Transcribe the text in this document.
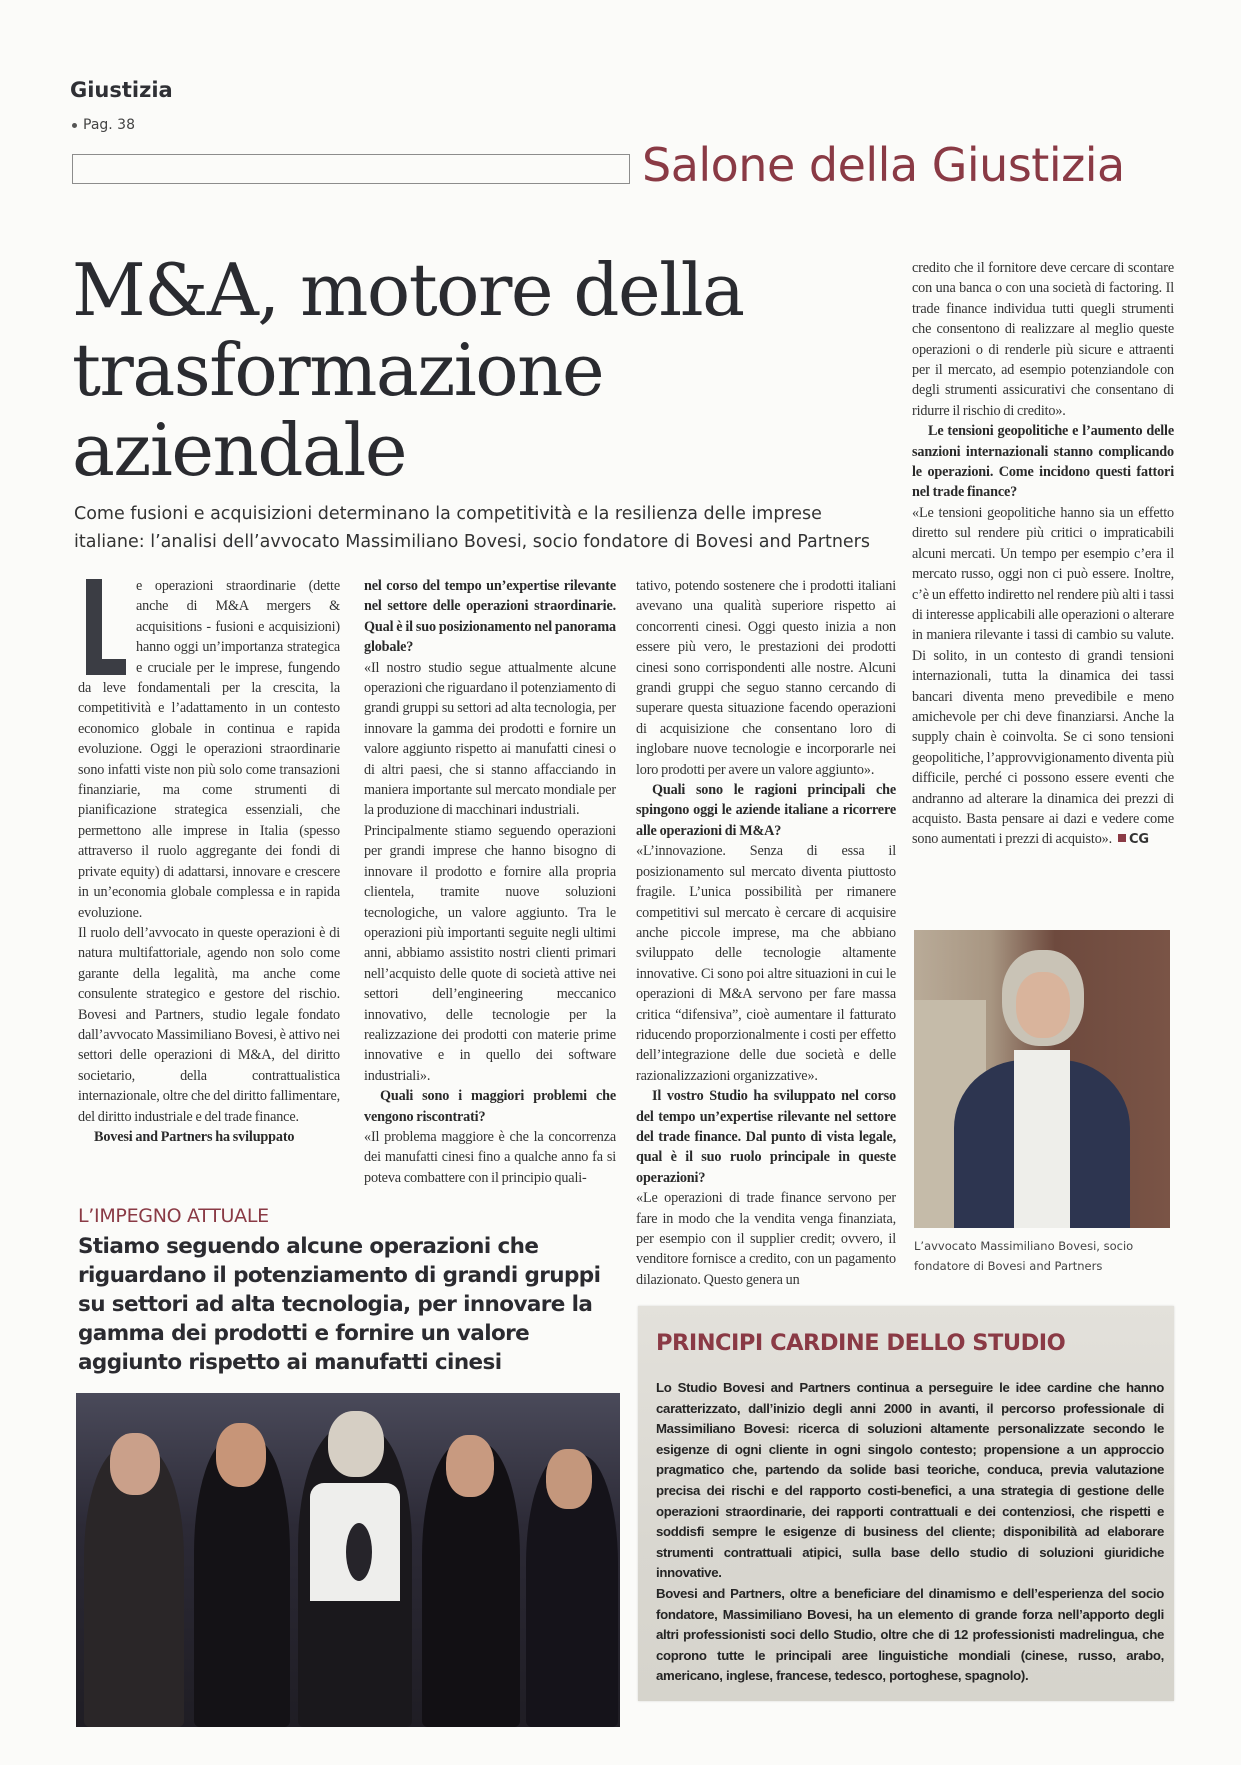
Giustizia
Pag. 38
Salone della Giustizia
M&A, motore della trasformazione aziendale
Come fusioni e acquisizioni determinano la competitività e la resilienza delle imprese italiane: l’analisi dell’avvocato Massimiliano Bovesi, socio fondatore di Bovesi and Partners

e operazioni straordinarie (dette anche di M&A mergers & acquisitions - fusioni e acquisizioni) hanno oggi un’importanza strategica e cruciale per le imprese, fungendo da leve fondamentali per la crescita, la competitività e l’adattamento in un contesto economico globale in continua e rapida evoluzione. Oggi le operazioni straordinarie sono infatti viste non più solo come transazioni finanziarie, ma come strumenti di pianificazione strategica essenziali, che permettono alle imprese in Italia (spesso attraverso il ruolo aggregante dei fondi di private equity) di adattarsi, innovare e crescere in un’economia globale complessa e in rapida evoluzione.

Il ruolo dell’avvocato in queste operazioni è di natura multifattoriale, agendo non solo come garante della legalità, ma anche come consulente strategico e gestore del rischio. Bovesi and Partners, studio legale fondato dall’avvocato Massimiliano Bovesi, è attivo nei settori delle operazioni di M&A, del diritto societario, della contrattualistica internazionale, oltre che del diritto fallimentare, del diritto industriale e del trade finance.

Bovesi and Partners ha sviluppato

nel corso del tempo un’expertise rilevante nel settore delle operazioni straordinarie. Qual è il suo posizionamento nel panorama globale?

«Il nostro studio segue attualmente alcune operazioni che riguardano il potenziamento di grandi gruppi su settori ad alta tecnologia, per innovare la gamma dei prodotti e fornire un valore aggiunto rispetto ai manufatti cinesi o di altri paesi, che si stanno affacciando in maniera importante sul mercato mondiale per la produzione di macchinari industriali.

Principalmente stiamo seguendo operazioni per grandi imprese che hanno bisogno di innovare il prodotto e fornire alla propria clientela, tramite nuove soluzioni tecnologiche, un valore aggiunto. Tra le operazioni più importanti seguite negli ultimi anni, abbiamo assistito nostri clienti primari nell’acquisto delle quote di società attive nei settori dell’engineering meccanico innovativo, delle tecnologie per la realizzazione dei prodotti con materie prime innovative e in quello dei software industriali».

Quali sono i maggiori problemi che vengono riscontrati?

«Il problema maggiore è che la concorrenza dei manufatti cinesi fino a qualche anno fa si poteva combattere con il principio quali-

tativo, potendo sostenere che i prodotti italiani avevano una qualità superiore rispetto ai concorrenti cinesi. Oggi questo inizia a non essere più vero, le prestazioni dei prodotti cinesi sono corrispondenti alle nostre. Alcuni grandi gruppi che seguo stanno cercando di superare questa situazione facendo operazioni di acquisizione che consentano loro di inglobare nuove tecnologie e incorporarle nei loro prodotti per avere un valore aggiunto».

Quali sono le ragioni principali che spingono oggi le aziende italiane a ricorrere alle operazioni di M&A?

«L’innovazione. Senza di essa il posizionamento sul mercato diventa piuttosto fragile. L’unica possibilità per rimanere competitivi sul mercato è cercare di acquisire anche piccole imprese, ma che abbiano sviluppato delle tecnologie altamente innovative. Ci sono poi altre situazioni in cui le operazioni di M&A servono per fare massa critica “difensiva”, cioè aumentare il fatturato riducendo proporzionalmente i costi per effetto dell’integrazione delle due società e delle razionalizzazioni organizzative».

Il vostro Studio ha sviluppato nel corso del tempo un’expertise rilevante nel settore del trade finance. Dal punto di vista legale, qual è il suo ruolo principale in queste operazioni?

«Le operazioni di trade finance servono per fare in modo che la vendita venga finanziata, per esempio con il supplier credit; ovvero, il venditore fornisce a credito, con un pagamento dilazionato. Questo genera un

credito che il fornitore deve cercare di scontare con una banca o con una società di factoring. Il trade finance individua tutti quegli strumenti che consentono di realizzare al meglio queste operazioni o di renderle più sicure e attraenti per il mercato, ad esempio potenziandole con degli strumenti assicurativi che consentano di ridurre il rischio di credito».

Le tensioni geopolitiche e l’aumento delle sanzioni internazionali stanno complicando le operazioni. Come incidono questi fattori nel trade finance?

«Le tensioni geopolitiche hanno sia un effetto diretto sul rendere più critici o impraticabili alcuni mercati. Un tempo per esempio c’era il mercato russo, oggi non ci può essere. Inoltre, c’è un effetto indiretto nel rendere più alti i tassi di interesse applicabili alle operazioni o alterare in maniera rilevante i tassi di cambio su valute. Di solito, in un contesto di grandi tensioni internazionali, tutta la dinamica dei tassi bancari diventa meno prevedibile e meno amichevole per chi deve finanziarsi. Anche la supply chain è coinvolta. Se ci sono tensioni geopolitiche, l’approvvigionamento diventa più difficile, perché ci possono essere eventi che andranno ad alterare la dinamica dei prezzi di acquisto. Basta pensare ai dazi e vedere come sono aumentati i prezzi di acquisto». CG

L’avvocato Massimiliano Bovesi, socio fondatore di Bovesi and Partners
L’IMPEGNO ATTUALE
Stiamo seguendo alcune operazioni che riguardano il potenziamento di grandi gruppi su settori ad alta tecnologia, per innovare la gamma dei prodotti e fornire un valore aggiunto rispetto ai manufatti cinesi
PRINCIPI CARDINE DELLO STUDIO

Lo Studio Bovesi and Partners continua a perseguire le idee cardine che hanno caratterizzato, dall’inizio degli anni 2000 in avanti, il percorso professionale di Massimiliano Bovesi: ricerca di soluzioni altamente personalizzate secondo le esigenze di ogni cliente in ogni singolo contesto; propensione a un approccio pragmatico che, partendo da solide basi teoriche, conduca, previa valutazione precisa dei rischi e del rapporto costi-benefici, a una strategia di gestione delle operazioni straordinarie, dei rapporti contrattuali e dei contenziosi, che rispetti e soddisfi sempre le esigenze di business del cliente; disponibilità ad elaborare strumenti contrattuali atipici, sulla base dello studio di soluzioni giuridiche innovative.

Bovesi and Partners, oltre a beneficiare del dinamismo e dell’esperienza del socio fondatore, Massimiliano Bovesi, ha un elemento di grande forza nell’apporto degli altri professionisti soci dello Studio, oltre che di 12 professionisti madrelingua, che coprono tutte le principali aree linguistiche mondiali (cinese, russo, arabo, americano, inglese, francese, tedesco, portoghese, spagnolo).
